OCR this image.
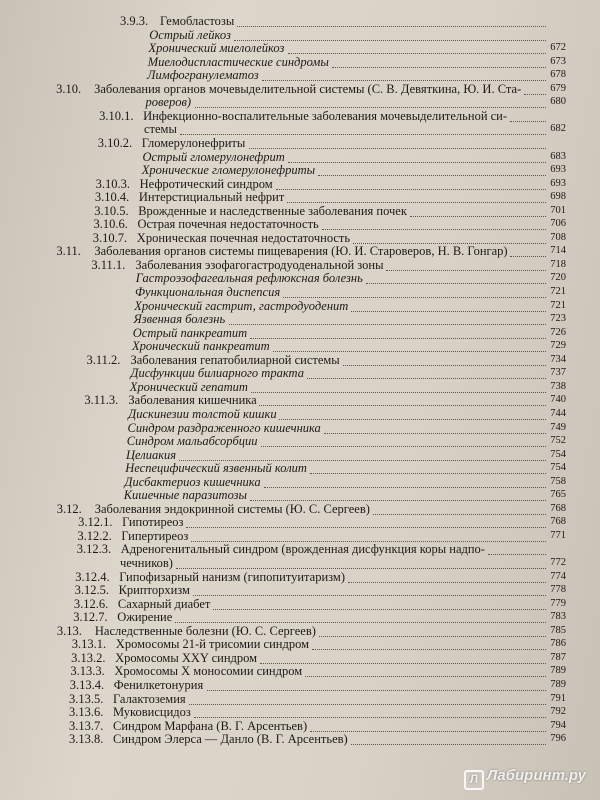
3.9.3. Гемобластозы
Острый лейкоз
Хронический миелолейкоз	672
Миелодиспластические синдромы	673
Лимфогранулематоз	678
3.10. Заболевания органов мочевыделительной системы (С. В. Девяткина, Ю. И. Ста-	679
роверов)	680
3.10.1. Инфекционно-воспалительные заболевания мочевыделительной си-
стемы	682
3.10.2. Гломерулонефриты
Острый гломерулонефрит	683
Хронические гломерулонефриты	693
3.10.3. Нефротический синдром	693
3.10.4. Интерстициальный нефрит	698
3.10.5. Врожденные и наследственные заболевания почек	701
3.10.6. Острая почечная недостаточность	706
3.10.7. Хроническая почечная недостаточность	708
3.11. Заболевания органов системы пищеварения (Ю. И. Староверов, Н. В. Гонгар)	714
3.11.1. Заболевания эзофагогастродуоденальной зоны	718
Гастроэзофагеальная рефлюксная болезнь	720
Функциональная диспепсия	721
Хронический гастрит, гастродуоденит	721
Язвенная болезнь	723
Острый панкреатит	726
Хронический панкреатит	729
3.11.2. Заболевания гепатобилиарной системы	734
Дисфункции билиарного тракта	737
Хронический гепатит	738
3.11.3. Заболевания кишечника	740
Дискинезии толстой кишки	744
Синдром раздраженного кишечника	749
Синдром мальабсорбции	752
Целиакия	754
Неспецифический язвенный колит	754
Дисбактериоз кишечника	758
Кишечные паразитозы	765
3.12. Заболевания эндокринной системы (Ю. С. Сергеев)	768
3.12.1. Гипотиреоз	768
3.12.2. Гипертиреоз	771
3.12.3. Адреногенитальный синдром (врожденная дисфункция коры надпо-
чечников)	772
3.12.4. Гипофизарный нанизм (гипопитуитаризм)	774
3.12.5. Крипторхизм	778
3.12.6. Сахарный диабет	779
3.12.7. Ожирение	783
3.13. Наследственные болезни (Ю. С. Сергеев)	785
3.13.1. Хромосомы 21-й трисомии синдром	786
3.13.2. Хромосомы XXY синдром	787
3.13.3. Хромосомы X моносомии синдром	789
3.13.4. Фенилкетонурия	789
3.13.5. Галактоземия	791
3.13.6. Муковисцидоз	792
3.13.7. Синдром Марфана (В. Г. Арсентьев)	794
3.13.8. Синдром Элерса — Данло (В. Г. Арсентьев)	796
Л Лабиринт.ру
